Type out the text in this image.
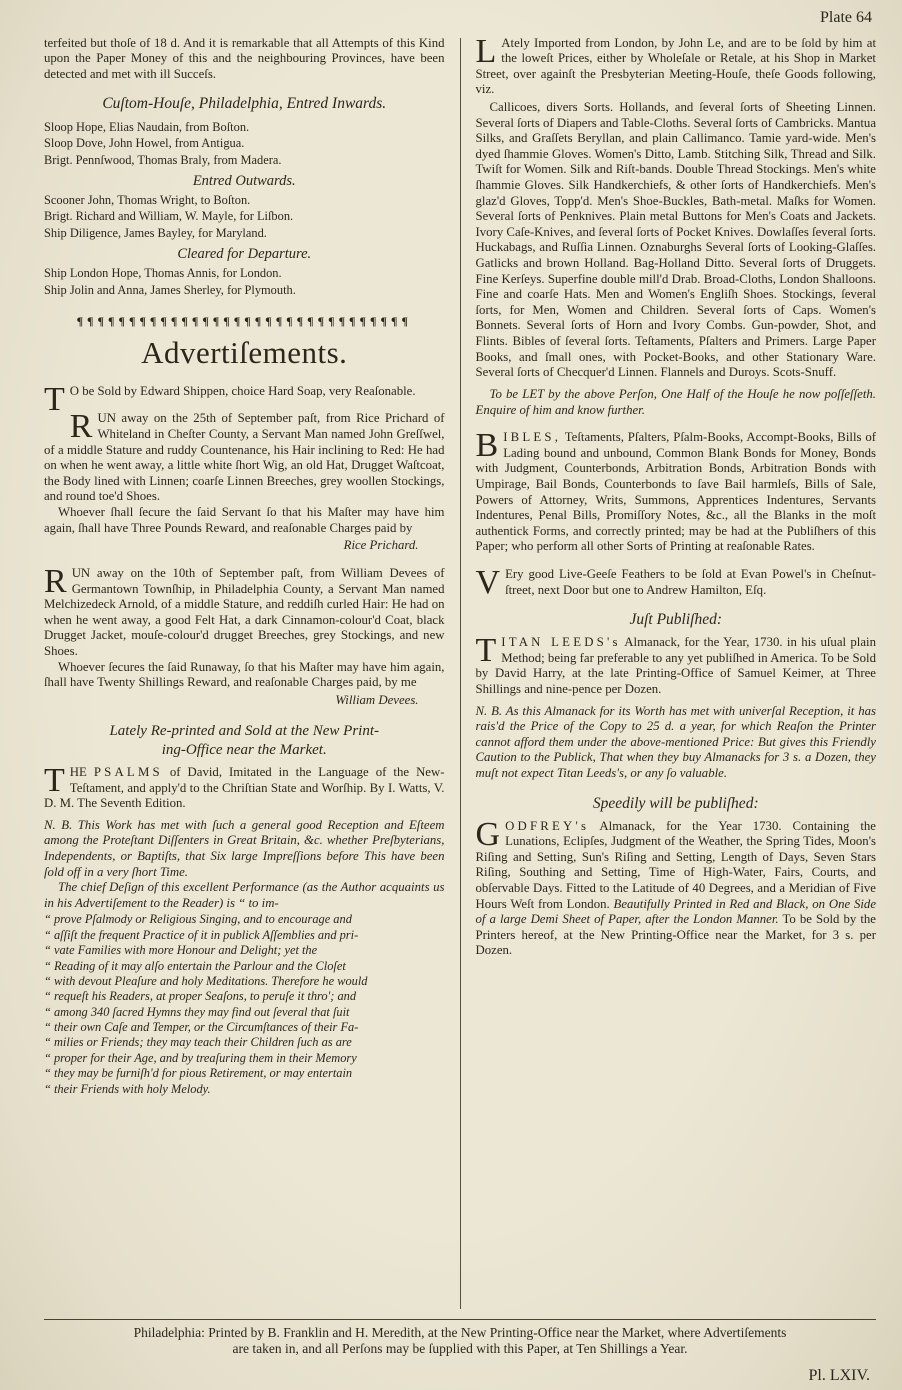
Plate 64

terfeited but thoſe of 18 d. And it is remarkable that all Attempts of this Kind upon the Paper Money of this and the neighbouring Provinces, have been detected and met with ill Succeſs.

Cuſtom-Houſe, Philadelphia, Entred Inwards.

Sloop Hope, Elias Naudain, from Boſton.

Sloop Dove, John Howel, from Antigua.

Brigt. Pennſwood, Thomas Braly, from Madera.

Entred Outwards.

Scooner John, Thomas Wright, to Boſton.

Brigt. Richard and William, W. Mayle, for Liſbon.

Ship Diligence, James Bayley, for Maryland.

Cleared for Departure.

Ship London Hope, Thomas Annis, for London.

Ship Jolin and Anna, James Sherley, for Plymouth.

¶¶¶¶¶¶¶¶¶¶¶¶¶¶¶¶¶¶¶¶¶¶¶¶¶¶¶¶¶¶¶¶
Advertiſements.

T O be Sold by Edward Shippen, choice Hard Soap, very Reaſonable.

RUN away on the 25th of September paſt, from Rice Prichard of Whiteland in Cheſter County, a Servant Man named John Greſſwel, of a middle Stature and ruddy Countenance, his Hair inclining to Red: He had on when he went away, a little white ſhort Wig, an old Hat, Drugget Waſtcoat, the Body lined with Linnen; coarſe Linnen Breeches, grey woollen Stockings, and round toe'd Shoes.

Whoever ſhall ſecure the ſaid Servant ſo that his Maſter may have him again, ſhall have Three Pounds Reward, and reaſonable Charges paid by

Rice Prichard.

RUN away on the 10th of September paſt, from William Devees of Germantown Townſhip, in Philadelphia County, a Servant Man named Melchizedeck Arnold, of a middle Stature, and reddiſh curled Hair: He had on when he went away, a good Felt Hat, a dark Cinnamon-colour'd Coat, black Drugget Jacket, mouſe-colour'd drugget Breeches, grey Stockings, and new Shoes.

Whoever ſecures the ſaid Runaway, ſo that his Maſter may have him again, ſhall have Twenty Shillings Reward, and reaſonable Charges paid, by me

William Devees.

Lately Re-printed and Sold at the New Print-
ing-Office near the Market.

THE PSALMS of David, Imitated in the Language of the New-Teſtament, and apply'd to the Chriſtian State and Worſhip. By I. Watts, V. D. M. The Seventh Edition.

N. B. This Work has met with ſuch a general good Reception and Eſteem among the Proteſtant Diſſenters in Great Britain, &c. whether Preſbyterians, Independents, or Baptiſts, that Six large Impreſſions before This have been ſold off in a very ſhort Time.

The chief Deſign of this excellent Performance (as the Author acquaints us in his Advertiſement to the Reader) is “ to im-

“ prove Pſalmody or Religious Singing, and to encourage and
“ aſſiſt the frequent Practice of it in publick Aſſemblies and pri-
“ vate Families with more Honour and Delight; yet the
“ Reading of it may alſo entertain the Parlour and the Cloſet
“ with devout Pleaſure and holy Meditations. Therefore he would
“ requeſt his Readers, at proper Seaſons, to peruſe it thro'; and
“ among 340 ſacred Hymns they may find out ſeveral that ſuit
“ their own Caſe and Temper, or the Circumſtances of their Fa-
“ milies or Friends; they may teach their Children ſuch as are
“ proper for their Age, and by treaſuring them in their Memory
“ they may be furniſh'd for pious Retirement, or may entertain
“ their Friends with holy Melody.

L Ately Imported from London, by John Le, and are to be ſold by him at the loweſt Prices, either by Wholeſale or Retale, at his Shop in Market Street, over againſt the Presbyterian Meeting-Houſe, theſe Goods following, viz.

Callicoes, divers Sorts. Hollands, and ſeveral ſorts of Sheeting Linnen. Several ſorts of Diapers and Table-Cloths. Several ſorts of Cambricks. Mantua Silks, and Graſſets Beryllan, and plain Callimanco. Tamie yard-wide. Men's dyed ſhammie Gloves. Women's Ditto, Lamb. Stitching Silk, Thread and Silk. Twiſt for Women. Silk and Riſt-bands. Double Thread Stockings. Men's white ſhammie Gloves. Silk Handkerchiefs, & other ſorts of Handkerchiefs. Men's glaz'd Gloves, Topp'd. Men's Shoe-Buckles, Bath-metal. Maſks for Women. Several ſorts of Penknives. Plain metal Buttons for Men's Coats and Jackets. Ivory Caſe-Knives, and ſeveral ſorts of Pocket Knives. Dowlaſſes ſeveral ſorts. Huckabags, and Ruſſia Linnen. Oznaburghs Several ſorts of Looking-Glaſſes. Gatlicks and brown Holland. Bag-Holland Ditto. Several ſorts of Druggets. Fine Kerſeys. Superfine double mill'd Drab. Broad-Cloths, London Shalloons. Fine and coarſe Hats. Men and Women's Engliſh Shoes. Stockings, ſeveral ſorts, for Men, Women and Children. Several ſorts of Caps. Women's Bonnets. Several ſorts of Horn and Ivory Combs. Gun-powder, Shot, and Flints. Bibles of ſeveral ſorts. Teſtaments, Pſalters and Primers. Large Paper Books, and ſmall ones, with Pocket-Books, and other Stationary Ware. Several ſorts of Checquer'd Linnen. Flannels and Duroys. Scots-Snuff.

To be LET by the above Perſon, One Half of the Houſe he now poſſeſſeth. Enquire of him and know further.

BIBLES, Teſtaments, Pſalters, Pſalm-Books, Accompt-Books, Bills of Lading bound and unbound, Common Blank Bonds for Money, Bonds with Judgment, Counterbonds, Arbitration Bonds, Arbitration Bonds with Umpirage, Bail Bonds, Counterbonds to ſave Bail harmleſs, Bills of Sale, Powers of Attorney, Writs, Summons, Apprentices Indentures, Servants Indentures, Penal Bills, Promiſſory Notes, &c., all the Blanks in the moſt authentick Forms, and correctly printed; may be had at the Publiſhers of this Paper; who perform all other Sorts of Printing at reaſonable Rates.

V Ery good Live-Geeſe Feathers to be ſold at Evan Powel's in Cheſnut-ſtreet, next Door but one to Andrew Hamilton, Eſq.

Juſt Publiſhed:

TITAN LEEDS's Almanack, for the Year, 1730. in his uſual plain Method; being far preferable to any yet publiſhed in America. To be Sold by David Harry, at the late Printing-Office of Samuel Keimer, at Three Shillings and nine-pence per Dozen.

N. B. As this Almanack for its Worth has met with univerſal Reception, it has rais'd the Price of the Copy to 25 d. a year, for which Reaſon the Printer cannot afford them under the above-mentioned Price: But gives this Friendly Caution to the Publick, That when they buy Almanacks for 3 s. a Dozen, they muſt not expect Titan Leeds's, or any ſo valuable.

Speedily will be publiſhed:

GODFREY's Almanack, for the Year 1730. Containing the Lunations, Eclipſes, Judgment of the Weather, the Spring Tides, Moon's Riſing and Setting, Sun's Riſing and Setting, Length of Days, Seven Stars Riſing, Southing and Setting, Time of High-Water, Fairs, Courts, and obſervable Days. Fitted to the Latitude of 40 Degrees, and a Meridian of Five Hours Weſt from London. Beautifully Printed in Red and Black, on One Side of a large Demi Sheet of Paper, after the London Manner. To be Sold by the Printers hereof, at the New Printing-Office near the Market, for 3 s. per Dozen.

Philadelphia: Printed by B. Franklin and H. Meredith, at the New Printing-Office near the Market, where Advertiſements
are taken in, and all Perſons may be ſupplied with this Paper, at Ten Shillings a Year.
Pl. LXIV.
